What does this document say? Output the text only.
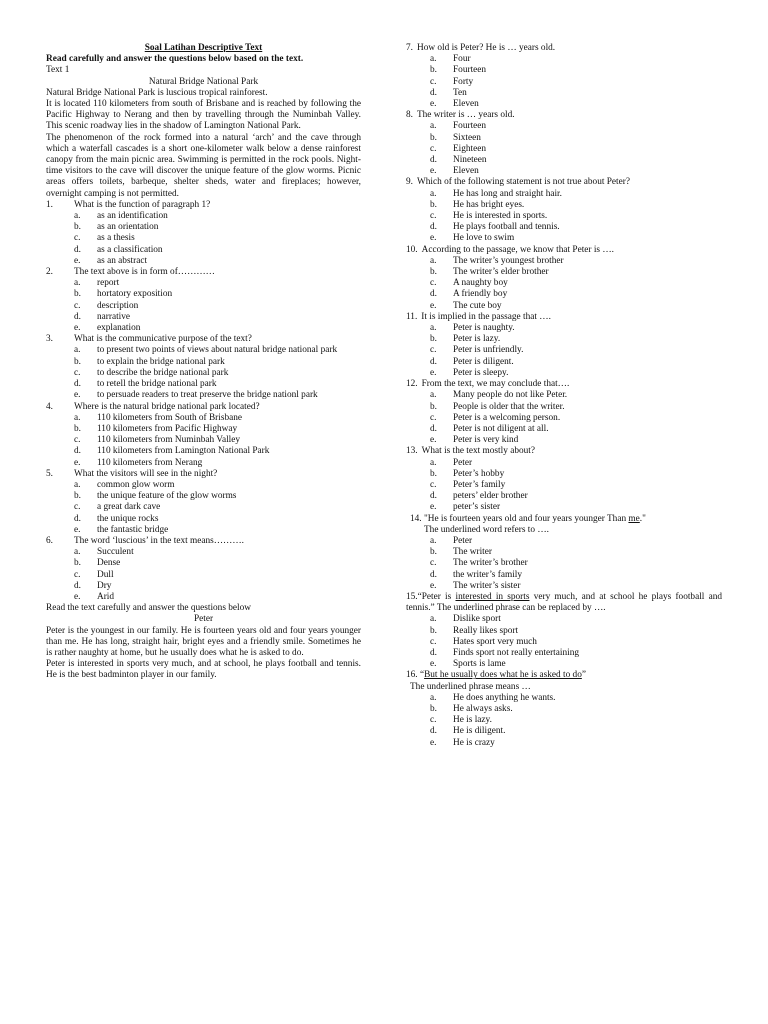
Soal Latihan Descriptive Text
Read carefully and answer the questions below based on the text.
Text 1
Natural Bridge National Park
Natural Bridge National Park is luscious tropical rainforest.
It is located 110 kilometers from south of Brisbane and is reached by following the Pacific Highway to Nerang and then by travelling through the Numinbah Valley. This scenic roadway lies in the shadow of Lamington National Park.
The phenomenon of the rock formed into a natural ‘arch’ and the cave through which a waterfall cascades is a short one-kilometer walk below a dense rainforest canopy from the main picnic area. Swimming is permitted in the rock pools. Night-time visitors to the cave will discover the unique feature of the glow worms. Picnic areas offers toilets, barbeque, shelter sheds, water and fireplaces; however, overnight camping is not permitted.
1.	What is the function of paragraph 1?
a.	as an identification
b.	as an orientation
c.	as a thesis
d.	as a classification
e.	as an abstract
2.	The text above is in form of…………
a.	report
b.	hortatory exposition
c.	description
d.	narrative
e.	explanation
3.	What is the communicative purpose of the text?
a.	to present two points of views about natural bridge national park
b.	to explain the bridge national park
c.	to describe the bridge national park
d.	to retell the bridge national park
e.	to persuade readers to treat preserve the bridge nationl park
4.	Where is the natural bridge national park located?
a.	110 kilometers from South of Brisbane
b.	110 kilometers from Pacific Highway
c.	110 kilometers from Numinbah Valley
d.	110 kilometers from Lamington National Park
e.	110 kilometers from Nerang
5.	What the visitors will see in the night?
a.	common glow worm
b.	the unique feature of the glow worms
c.	a great dark cave
d.	the unique rocks
e.	the fantastic bridge
6.	The word ‘luscious’ in the text means……….
a.	Succulent
b.	Dense
c.	Dull
d.	Dry
e.	Arid
Read the text carefully and answer the questions below
Peter
Peter is the youngest in our family. He is fourteen years old and four years younger than me. He has long, straight hair, bright eyes and a friendly smile. Sometimes he is rather naughty at home, but he usually does what he is asked to do.
Peter is interested in sports very much, and at school, he plays football and tennis. He is the best badminton player in our family.
7. How old is Peter? He is … years old.
a.	Four
b.	Fourteen
c.	Forty
d.	Ten
e.	Eleven
8. The writer is … years old.
a.	Fourteen
b.	Sixteen
c.	Eighteen
d.	Nineteen
e.	Eleven
9. Which of the following statement is not true about Peter?
a.	He has long and straight hair.
b.	He has bright eyes.
c.	He is interested in sports.
d.	He plays football and tennis.
e.	He love to swim
10. According to the passage, we know that Peter is ….
a.	The writer’s youngest brother
b.	The writer’s elder brother
c.	A naughty boy
d.	A friendly boy
e.	The cute boy
11. It is implied in the passage that ….
a.	Peter is naughty.
b.	Peter is lazy.
c.	Peter is unfriendly.
d.	Peter is diligent.
e.	Peter is sleepy.
12. From the text, we may conclude that….
a.	Many people do not like Peter.
b.	People is older that the writer.
c.	Peter is a welcoming person.
d.	Peter is not diligent at all.
e.	Peter is very kind
13. What is the text mostly about?
a.	Peter
b.	Peter’s hobby
c.	Peter’s family
d.	peters’ elder brother
e.	peter’s sister
14. "He is fourteen years old and four years younger Than me."
The underlined word refers to ….
a.	Peter
b.	The writer
c.	The writer’s brother
d.	the writer’s family
e.	The writer’s sister
15.“Peter is interested in sports very much, and at school he plays football and tennis.” The underlined phrase can be replaced by ….
a.	Dislike sport
b.	Really likes sport
c.	Hates sport very much
d.	Finds sport not really entertaining
e.	Sports is lame
16. “But he usually does what he is asked to do”
The underlined phrase means …
a.	He does anything he wants.
b.	He always asks.
c.	He is lazy.
d.	He is diligent.
e.	He is crazy
